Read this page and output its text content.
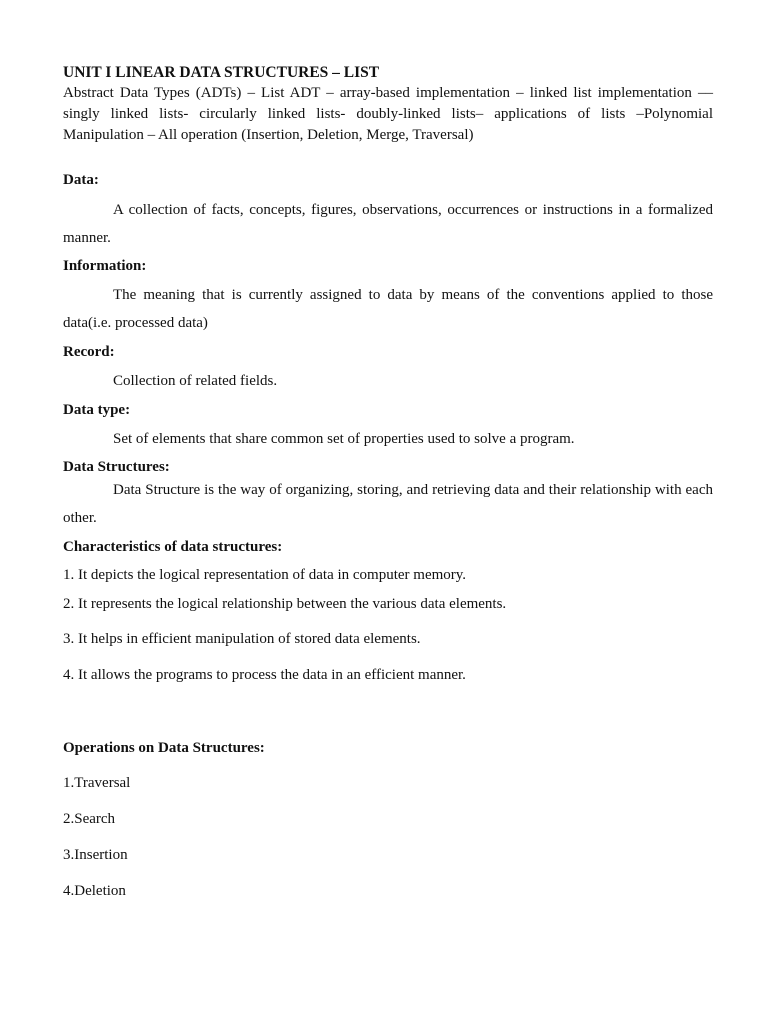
UNIT I LINEAR DATA STRUCTURES – LIST

Abstract Data Types (ADTs) – List ADT – array-based implementation – linked list implementation ––singly linked lists- circularly linked lists- doubly-linked lists– applications of lists –Polynomial Manipulation – All operation (Insertion, Deletion, Merge, Traversal)

Data:

A collection of facts, concepts, figures, observations, occurrences or instructions in a formalized manner.

Information:

The meaning that is currently assigned to data by means of the conventions applied to those data(i.e. processed data)

Record:

Collection of related fields.

Data type:

Set of elements that share common set of properties used to solve a program.

Data Structures:

Data Structure is the way of organizing, storing, and retrieving data and their relationship with each other.

Characteristics of data structures:

1. It depicts the logical representation of data in computer memory.

2. It represents the logical relationship between the various data elements.

3. It helps in efficient manipulation of stored data elements.

4. It allows the programs to process the data in an efficient manner.

Operations on Data Structures:

1.Traversal

2.Search

3.Insertion

4.Deletion
